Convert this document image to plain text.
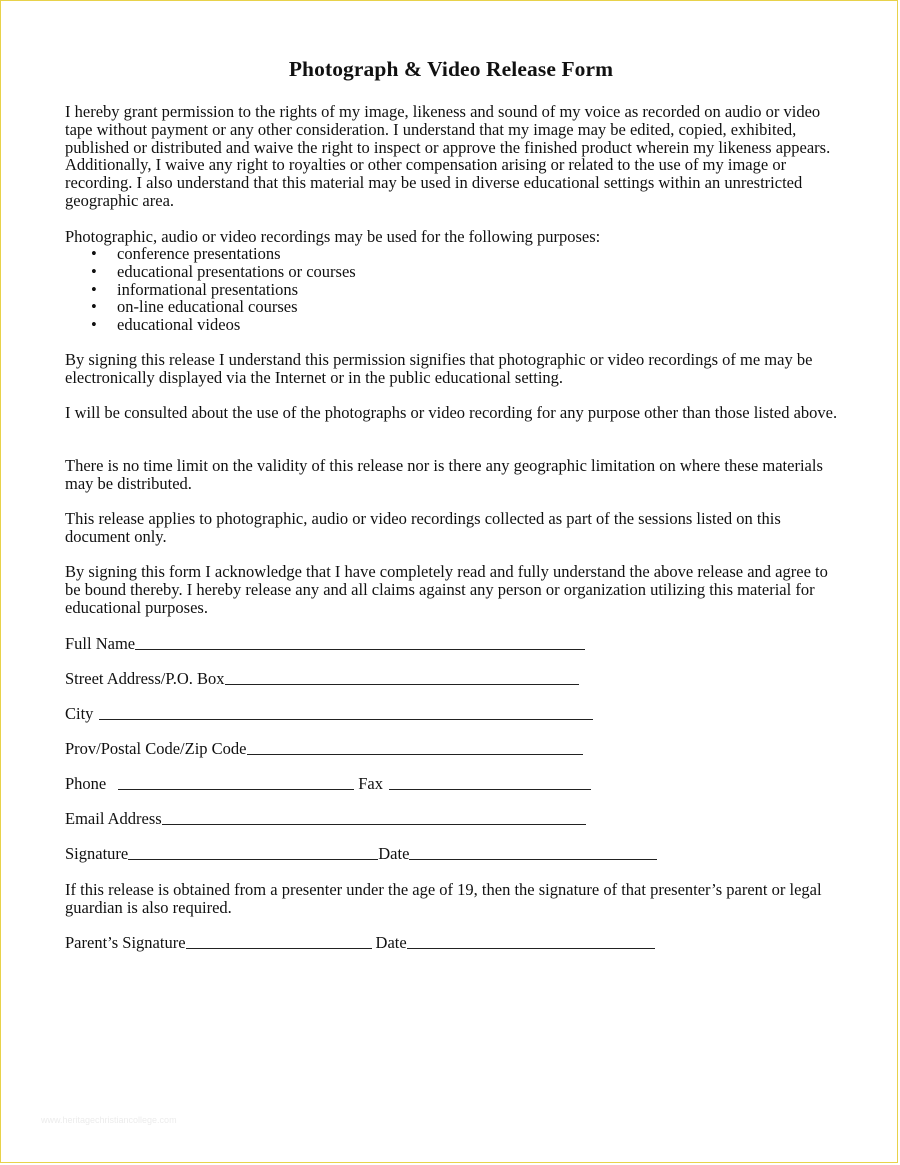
Photograph & Video Release Form

I hereby grant permission to the rights of my image, likeness and sound of my voice as recorded on audio or video tape without payment or any other consideration. I understand that my image may be edited, copied, exhibited, published or distributed and waive the right to inspect or approve the finished product wherein my likeness appears. Additionally, I waive any right to royalties or other compensation arising or related to the use of my image or recording. I also understand that this material may be used in diverse educational settings within an unrestricted geographic area.

Photographic, audio or video recordings may be used for the following purposes:

• conference presentations
• educational presentations or courses
• informational presentations
• on-line educational courses
• educational videos

By signing this release I understand this permission signifies that photographic or video recordings of me may be electronically displayed via the Internet or in the public educational setting.

I will be consulted about the use of the photographs or video recording for any purpose other than those listed above.

There is no time limit on the validity of this release nor is there any geographic limitation on where these materials may be distributed.

This release applies to photographic, audio or video recordings collected as part of the sessions listed on this document only.

By signing this form I acknowledge that I have completely read and fully understand the above release and agree to be bound thereby. I hereby release any and all claims against any person or organization utilizing this material for educational purposes.

Full Name
Street Address/P.O. Box
City
Prov/Postal Code/Zip Code
Phone	Fax
Email Address
Signature	Date

If this release is obtained from a presenter under the age of 19, then the signature of that presenter’s parent or legal guardian is also required.

Parent’s Signature	Date
www.heritagechristiancollege.com
